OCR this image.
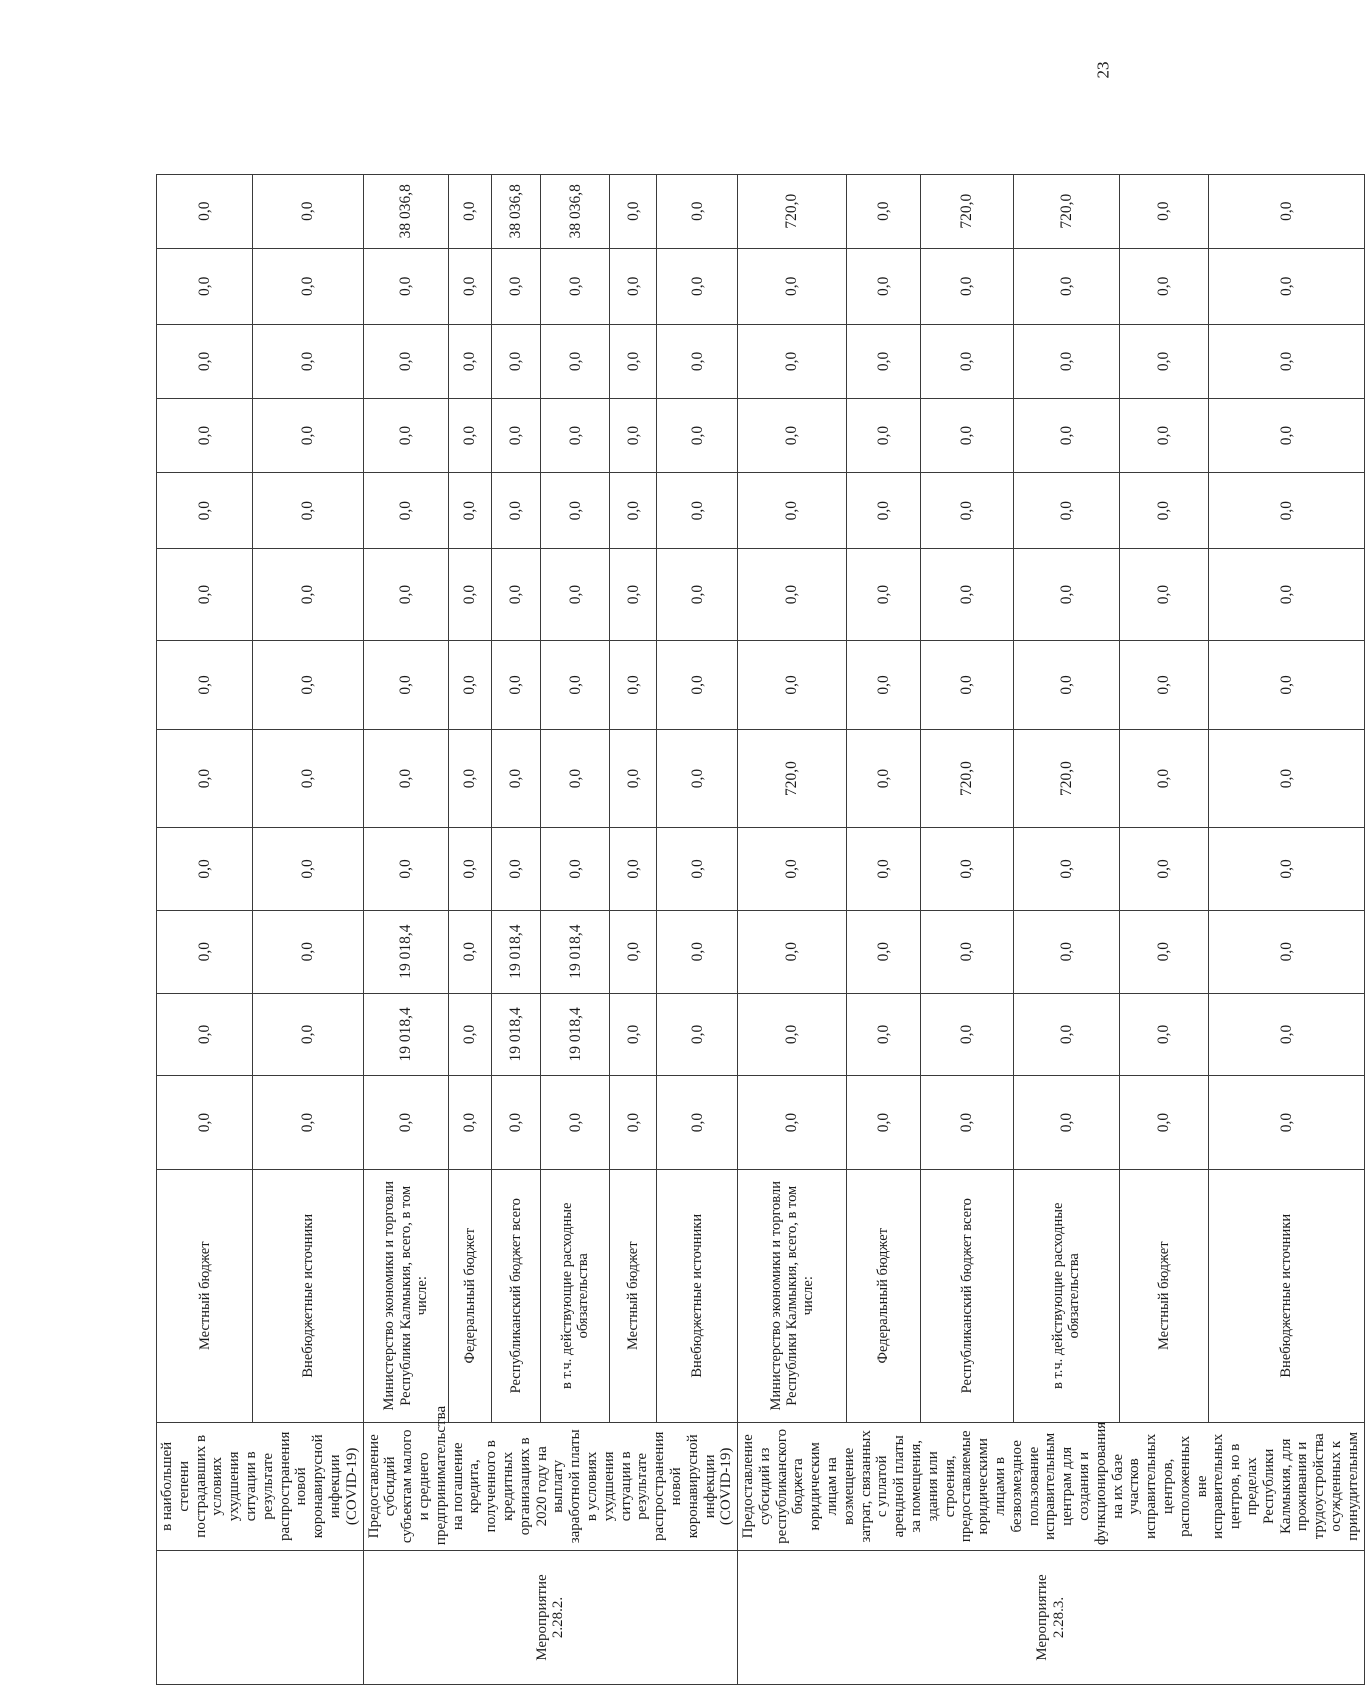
	в наибольшей степени пострадавших в условиях ухудшения ситуации в результате распространения новой коронавирусной инфекции (COVID-19)	Местный бюджет	0,0	0,0	0,0	0,0	0,0	0,0	0,0	0,0	0,0	0,0	0,0	0,0
		Внебюджетные источники	0,0	0,0	0,0	0,0	0,0	0,0	0,0	0,0	0,0	0,0	0,0	0,0
Мероприятие 2.28.2.	Предоставление субсидий субъектам малого и среднего предпринимательства на погашение кредита, полученного в кредитных организациях в 2020 году на выплату заработной платы в условиях ухудшения ситуации в результате распространения новой коронавирусной инфекции (COVID-19)	Министерство экономики и торговли Республики Калмыкия, всего, в том числе:	0,0	19 018,4	19 018,4	0,0	0,0	0,0	0,0	0,0	0,0	0,0	0,0	38 036,8
		Федеральный бюджет	0,0	0,0	0,0	0,0	0,0	0,0	0,0	0,0	0,0	0,0	0,0	0,0
		Республиканский бюджет всего	0,0	19 018,4	19 018,4	0,0	0,0	0,0	0,0	0,0	0,0	0,0	0,0	38 036,8
		в т.ч. действующие расходные обязательства	0,0	19 018,4	19 018,4	0,0	0,0	0,0	0,0	0,0	0,0	0,0	0,0	38 036,8
		Местный бюджет	0,0	0,0	0,0	0,0	0,0	0,0	0,0	0,0	0,0	0,0	0,0	0,0
		Внебюджетные источники	0,0	0,0	0,0	0,0	0,0	0,0	0,0	0,0	0,0	0,0	0,0	0,0
Мероприятие 2.28.3.	Предоставление субсидий из республиканского бюджета юридическим лицам на возмещение затрат, связанных с уплатой арендной платы за помещения, здания или строения, предоставляемые юридическими лицами в безвозмездное пользование исправительным центрам для создания и функционирования на их базе участков исправительных центров, расположенных вне исправительных центров, но в пределах Республики Калмыкия, для проживания и трудоустройства осужденных к принудительным	Министерство экономики и торговли Республики Калмыкия, всего, в том числе:	0,0	0,0	0,0	0,0	720,0	0,0	0,0	0,0	0,0	0,0	0,0	720,0
		Федеральный бюджет	0,0	0,0	0,0	0,0	0,0	0,0	0,0	0,0	0,0	0,0	0,0	0,0
		Республиканский бюджет всего	0,0	0,0	0,0	0,0	720,0	0,0	0,0	0,0	0,0	0,0	0,0	720,0
		в т.ч. действующие расходные обязательства	0,0	0,0	0,0	0,0	720,0	0,0	0,0	0,0	0,0	0,0	0,0	720,0
		Местный бюджет	0,0	0,0	0,0	0,0	0,0	0,0	0,0	0,0	0,0	0,0	0,0	0,0
		Внебюджетные источники	0,0	0,0	0,0	0,0	0,0	0,0	0,0	0,0	0,0	0,0	0,0	0,0
23
